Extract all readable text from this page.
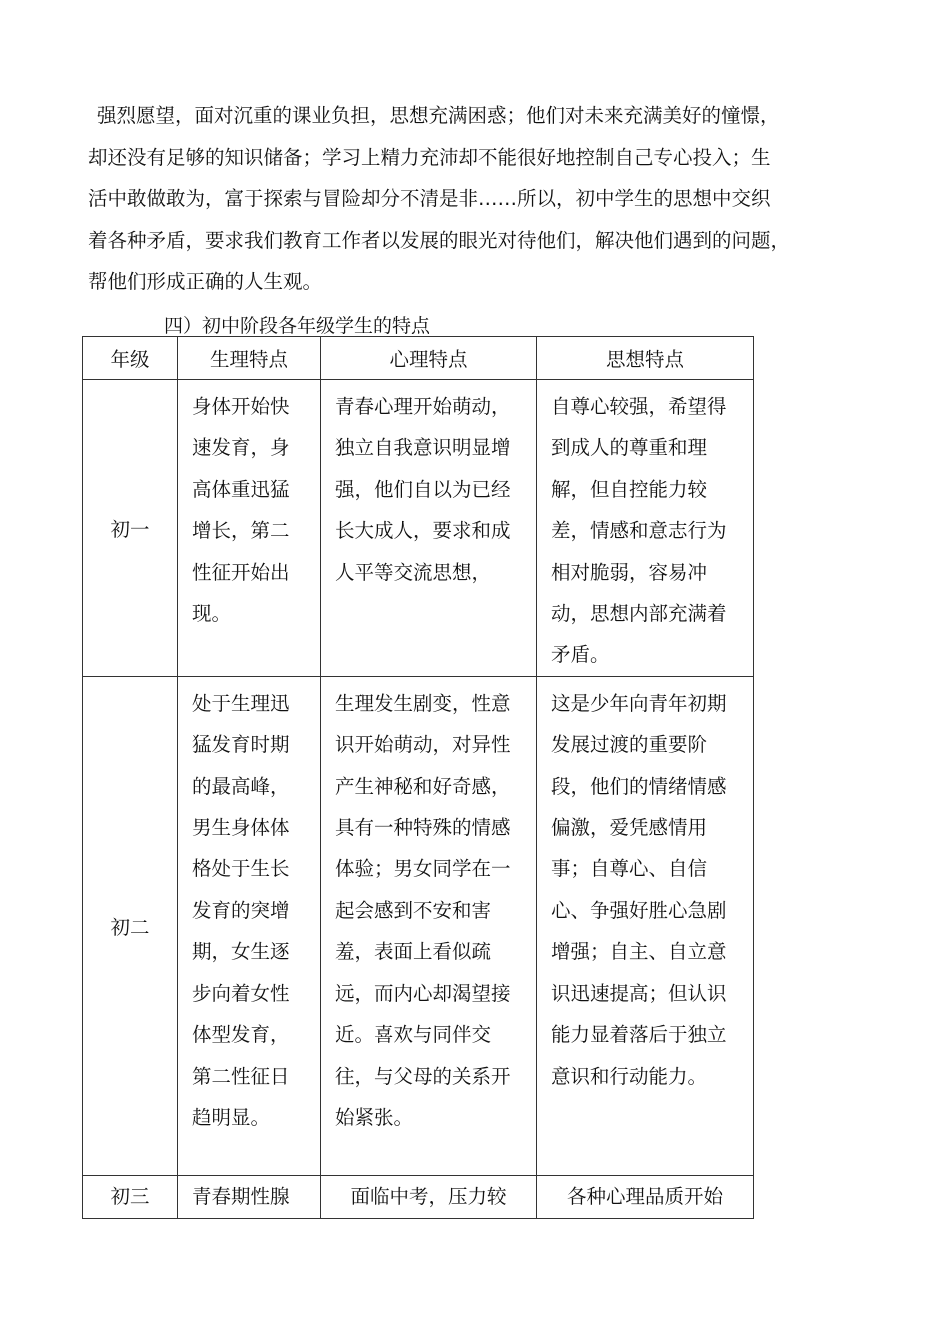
强烈愿望，面对沉重的课业负担，思想充满困惑；他们对未来充满美好的憧憬，
却还没有足够的知识储备；学习上精力充沛却不能很好地控制自己专心投入；生
活中敢做敢为，富于探索与冒险却分不清是非……所以，初中学生的思想中交织
着各种矛盾，要求我们教育工作者以发展的眼光对待他们，解决他们遇到的问题，
帮他们形成正确的人生观。
四）初中阶段各年级学生的特点
年级	生理特点	心理特点	思想特点
初一	身体开始快速发育，身高体重迅猛增长，第二性征开始出现。	青春心理开始萌动，独立自我意识明显增强，他们自以为已经长大成人，要求和成人平等交流思想，	自尊心较强，希望得到成人的尊重和理解，但自控能力较差，情感和意志行为相对脆弱，容易冲动，思想内部充满着矛盾。
初二	处于生理迅猛发育时期的最高峰，男生身体体格处于生长发育的突增期，女生逐步向着女性体型发育，第二性征日趋明显。	生理发生剧变，性意识开始萌动，对异性产生神秘和好奇感，具有一种特殊的情感体验；男女同学在一起会感到不安和害羞，表面上看似疏远，而内心却渴望接近。喜欢与同伴交往，与父母的关系开始紧张。	这是少年向青年初期发展过渡的重要阶段，他们的情绪情感偏激，爱凭感情用事；自尊心、自信心、争强好胜心急剧增强；自主、自立意识迅速提高；但认识能力显着落后于独立意识和行动能力。
初三	青春期性腺	面临中考，压力较	各种心理品质开始
